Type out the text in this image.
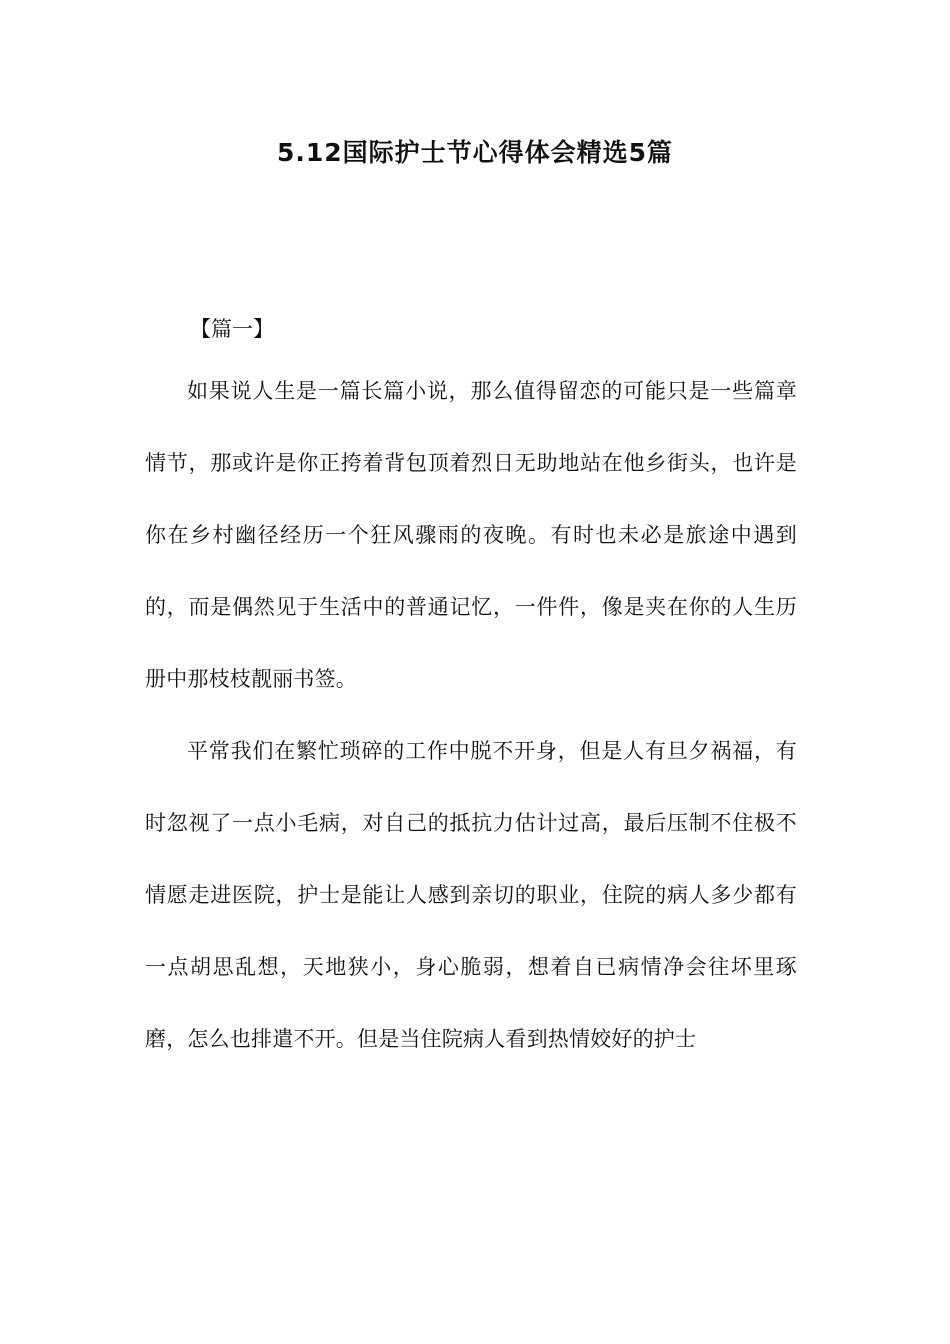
5.12国际护士节心得体会精选5篇
【篇一】

如果说人生是一篇长篇小说，那么值得留恋的可能只是一些篇章情节，那或许是你正挎着背包顶着烈日无助地站在他乡街头，也许是你在乡村幽径经历一个狂风骤雨的夜晚。有时也未必是旅途中遇到的，而是偶然见于生活中的普通记忆，一件件，像是夹在你的人生历册中那枝枝靓丽书签。

平常我们在繁忙琐碎的工作中脱不开身，但是人有旦夕祸福，有时忽视了一点小毛病，对自己的抵抗力估计过高，最后压制不住极不情愿走进医院，护士是能让人感到亲切的职业，住院的病人多少都有一点胡思乱想，天地狭小，身心脆弱，想着自已病情净会往坏里琢磨，怎么也排遣不开。但是当住院病人看到热情姣好的护士
